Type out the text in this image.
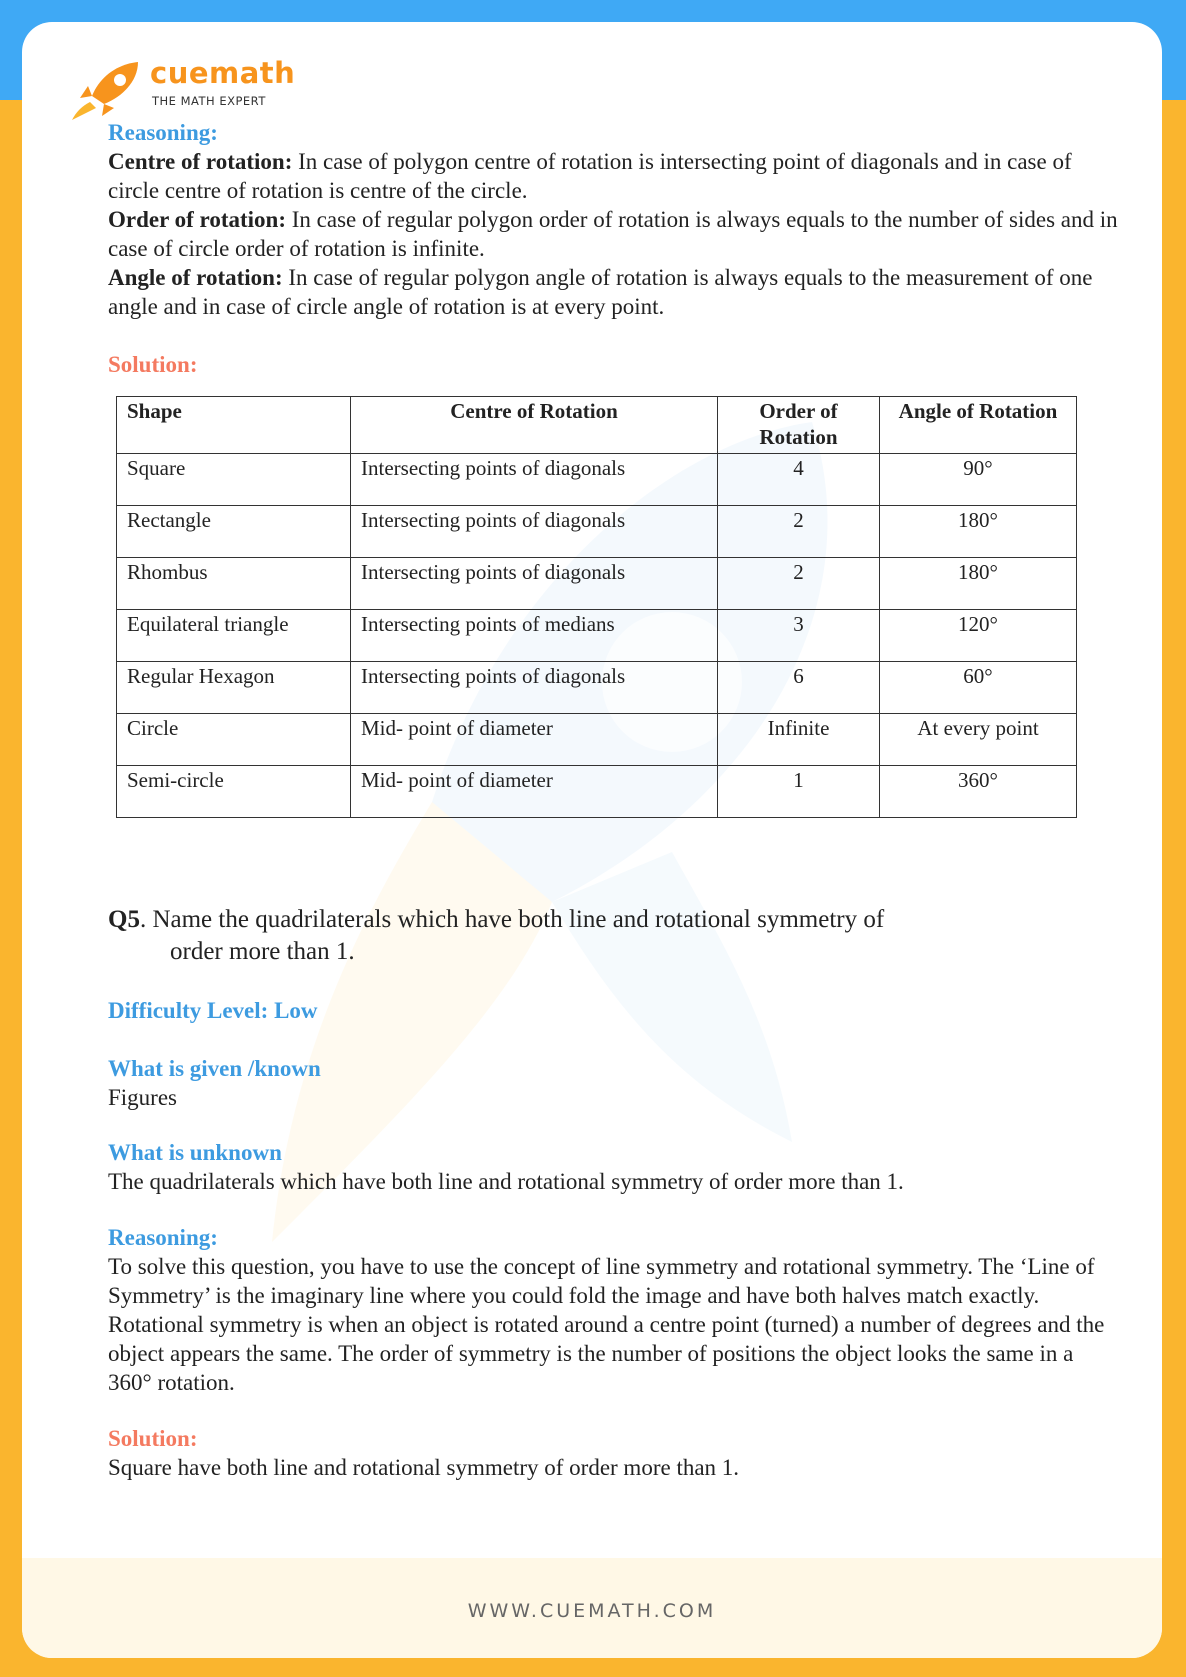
cuemath
THE MATH EXPERT

Reasoning:

Centre of rotation: In case of polygon centre of rotation is intersecting point of diagonals and in case of circle centre of rotation is centre of the circle.

Order of rotation: In case of regular polygon order of rotation is always equals to the number of sides and in case of circle order of rotation is infinite.

Angle of rotation: In case of regular polygon angle of rotation is always equals to the measurement of one angle and in case of circle angle of rotation is at every point.

Solution:

Shape	Centre of Rotation	Order of Rotation	Angle of Rotation
Square	Intersecting points of diagonals	4	90°
Rectangle	Intersecting points of diagonals	2	180°
Rhombus	Intersecting points of diagonals	2	180°
Equilateral triangle	Intersecting points of medians	3	120°
Regular Hexagon	Intersecting points of diagonals	6	60°
Circle	Mid- point of diameter	Infinite	At every point
Semi-circle	Mid- point of diameter	1	360°

Q5. Name the quadrilaterals which have both line and rotational symmetry of

order more than 1.

Difficulty Level: Low

What is given /known

Figures

What is unknown

The quadrilaterals which have both line and rotational symmetry of order more than 1.

Reasoning:

To solve this question, you have to use the concept of line symmetry and rotational symmetry. The ‘Line of Symmetry’ is the imaginary line where you could fold the image and have both halves match exactly. Rotational symmetry is when an object is rotated around a centre point (turned) a number of degrees and the object appears the same. The order of symmetry is the number of positions the object looks the same in a 360° rotation.

Solution:

Square have both line and rotational symmetry of order more than 1.

WWW.CUEMATH.COM
